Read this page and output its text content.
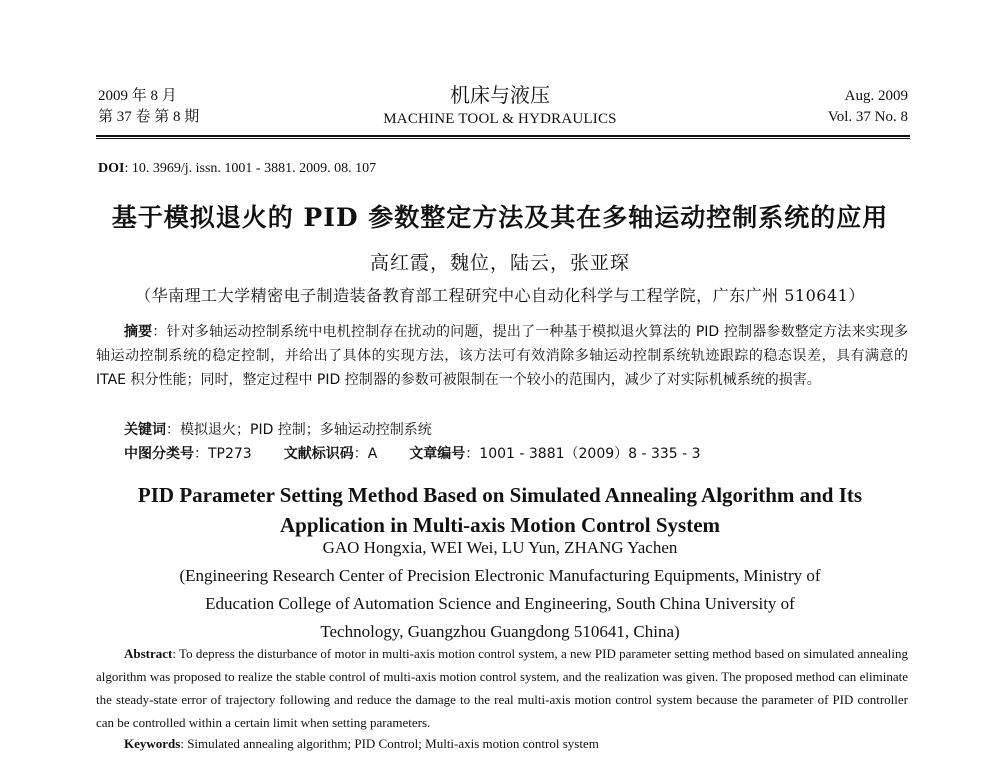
2009 年 8 月
第 37 卷 第 8 期
机床与液压
MACHINE TOOL & HYDRAULICS
Aug. 2009
Vol. 37 No. 8
DOI: 10. 3969/j. issn. 1001 - 3881. 2009. 08. 107
基于模拟退火的 PID 参数整定方法及其在多轴运动控制系统的应用
高红霞，魏位，陆云，张亚琛
（华南理工大学精密电子制造装备教育部工程研究中心自动化科学与工程学院，广东广州 510641）
摘要：针对多轴运动控制系统中电机控制存在扰动的问题，提出了一种基于模拟退火算法的 PID 控制器参数整定方法来实现多轴运动控制系统的稳定控制，并给出了具体的实现方法，该方法可有效消除多轴运动控制系统轨迹跟踪的稳态误差，具有满意的 ITAE 积分性能；同时，整定过程中 PID 控制器的参数可被限制在一个较小的范围内，减少了对实际机械系统的损害。
关键词：模拟退火；PID 控制；多轴运动控制系统
中图分类号：TP273 文献标识码：A 文章编号：1001 - 3881（2009）8 - 335 - 3
PID Parameter Setting Method Based on Simulated Annealing Algorithm and Its
Application in Multi-axis Motion Control System
GAO Hongxia, WEI Wei, LU Yun, ZHANG Yachen
(Engineering Research Center of Precision Electronic Manufacturing Equipments, Ministry of
Education College of Automation Science and Engineering, South China University of
Technology, Guangzhou Guangdong 510641, China)
Abstract: To depress the disturbance of motor in multi-axis motion control system, a new PID parameter setting method based on simulated annealing algorithm was proposed to realize the stable control of multi-axis motion control system, and the realization was given. The proposed method can eliminate the steady-state error of trajectory following and reduce the damage to the real multi-axis motion control system because the parameter of PID controller can be controlled within a certain limit when setting parameters.
Keywords: Simulated annealing algorithm; PID Control; Multi-axis motion control system
